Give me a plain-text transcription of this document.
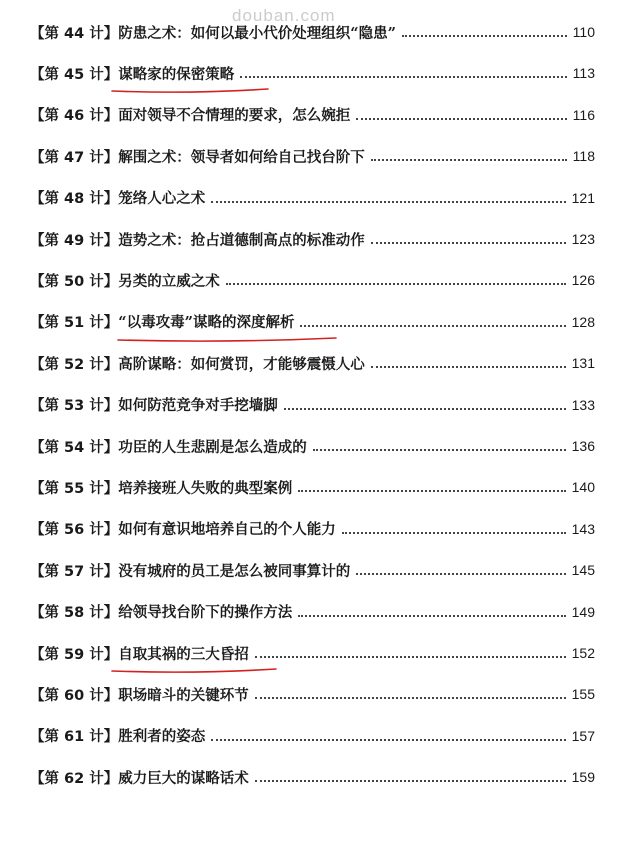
douban.com
【第 44 计】 防患之术：如何以最小代价处理组织“隐患”	110
【第 45 计】 谋略家的保密策略	113
【第 46 计】 面对领导不合情理的要求，怎么婉拒	116
【第 47 计】 解围之术：领导者如何给自己找台阶下	118
【第 48 计】 笼络人心之术	121
【第 49 计】 造势之术：抢占道德制高点的标准动作	123
【第 50 计】 另类的立威之术	126
【第 51 计】 “以毒攻毒”谋略的深度解析	128
【第 52 计】 高阶谋略：如何赏罚，才能够震慑人心	131
【第 53 计】 如何防范竞争对手挖墙脚	133
【第 54 计】 功臣的人生悲剧是怎么造成的	136
【第 55 计】 培养接班人失败的典型案例	140
【第 56 计】 如何有意识地培养自己的个人能力	143
【第 57 计】 没有城府的员工是怎么被同事算计的	145
【第 58 计】 给领导找台阶下的操作方法	149
【第 59 计】 自取其祸的三大昏招	152
【第 60 计】 职场暗斗的关键环节	155
【第 61 计】 胜利者的姿态	157
【第 62 计】 威力巨大的谋略话术	159
